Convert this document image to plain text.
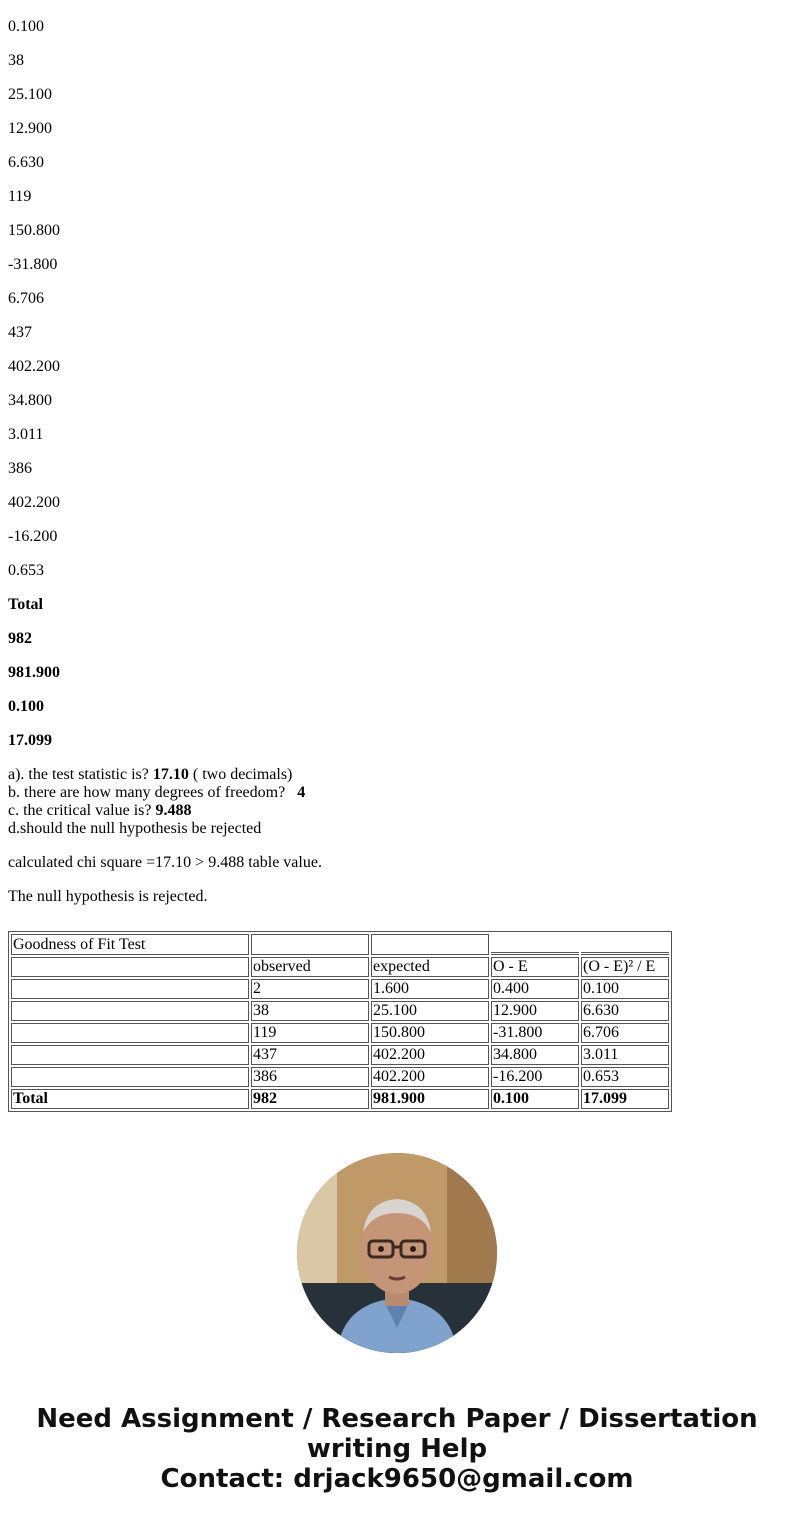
0.100

38

25.100

12.900

6.630

119

150.800

-31.800

6.706

437

402.200

34.800

3.011

386

402.200

-16.200

0.653

Total

982

981.900

0.100

17.099

a). the test statistic is? 17.10 ( two decimals)
b. there are how many degrees of freedom? 4
c. the critical value is? 9.488
d.should the null hypothesis be rejected

calculated chi square =17.10 > 9.488 table value.

The null hypothesis is rejected.

Goodness of Fit Test				
	observed	expected	O - E	(O - E)² / E
	2	1.600	0.400	0.100
	38	25.100	12.900	6.630
	119	150.800	-31.800	6.706
	437	402.200	34.800	3.011
	386	402.200	-16.200	0.653
Total	982	981.900	0.100	17.099
Need Assignment / Research Paper / Dissertation
writing Help
Contact: drjack9650@gmail.com
